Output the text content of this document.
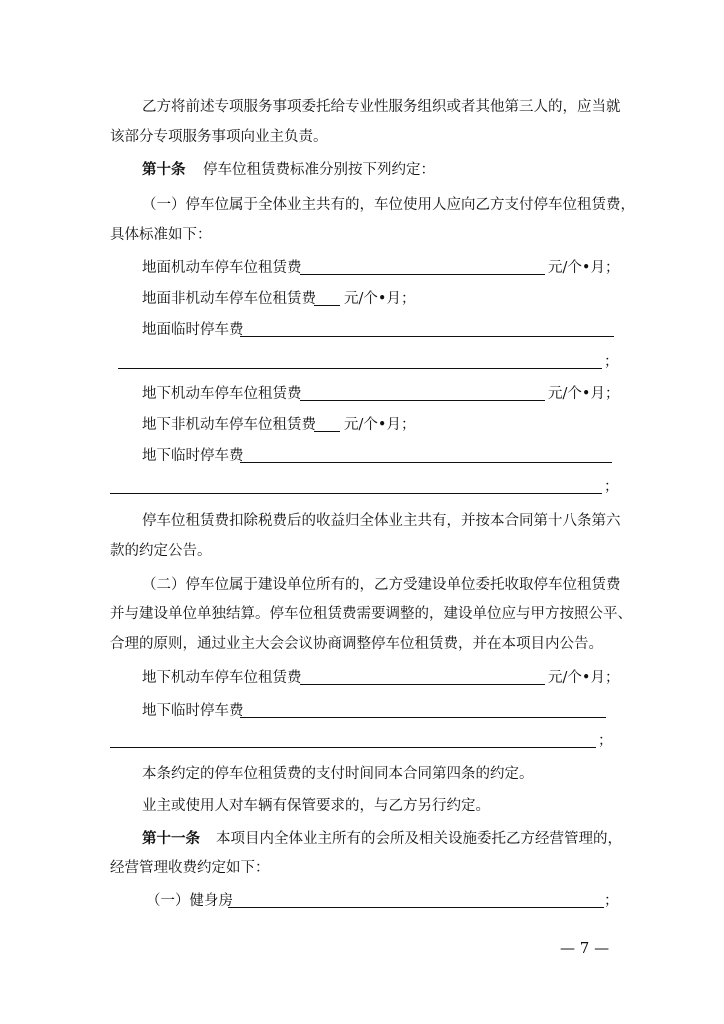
乙方将前述专项服务事项委托给专业性服务组织或者其他第三人的，应当就
该部分专项服务事项向业主负责。
第十条 停车位租赁费标准分别按下列约定：
（一）停车位属于全体业主共有的，车位使用人应向乙方支付停车位租赁费，
具体标准如下：
地面机动车停车位租赁费	元/个•月；
地面非机动车停车位租赁费 元/个•月；
地面临时停车费
；
地下机动车停车位租赁费	元/个•月；
地下非机动车停车位租赁费 元/个•月；
地下临时停车费
；
停车位租赁费扣除税费后的收益归全体业主共有，并按本合同第十八条第六
款的约定公告。
（二）停车位属于建设单位所有的，乙方受建设单位委托收取停车位租赁费
并与建设单位单独结算。停车位租赁费需要调整的，建设单位应与甲方按照公平、
合理的原则，通过业主大会会议协商调整停车位租赁费，并在本项目内公告。
地下机动车停车位租赁费	元/个•月；
地下临时停车费
；
本条约定的停车位租赁费的支付时间同本合同第四条的约定。
业主或使用人对车辆有保管要求的，与乙方另行约定。
第十一条 本项目内全体业主所有的会所及相关设施委托乙方经营管理的，
经营管理收费约定如下：
（一）健身房	；
— 7 —
